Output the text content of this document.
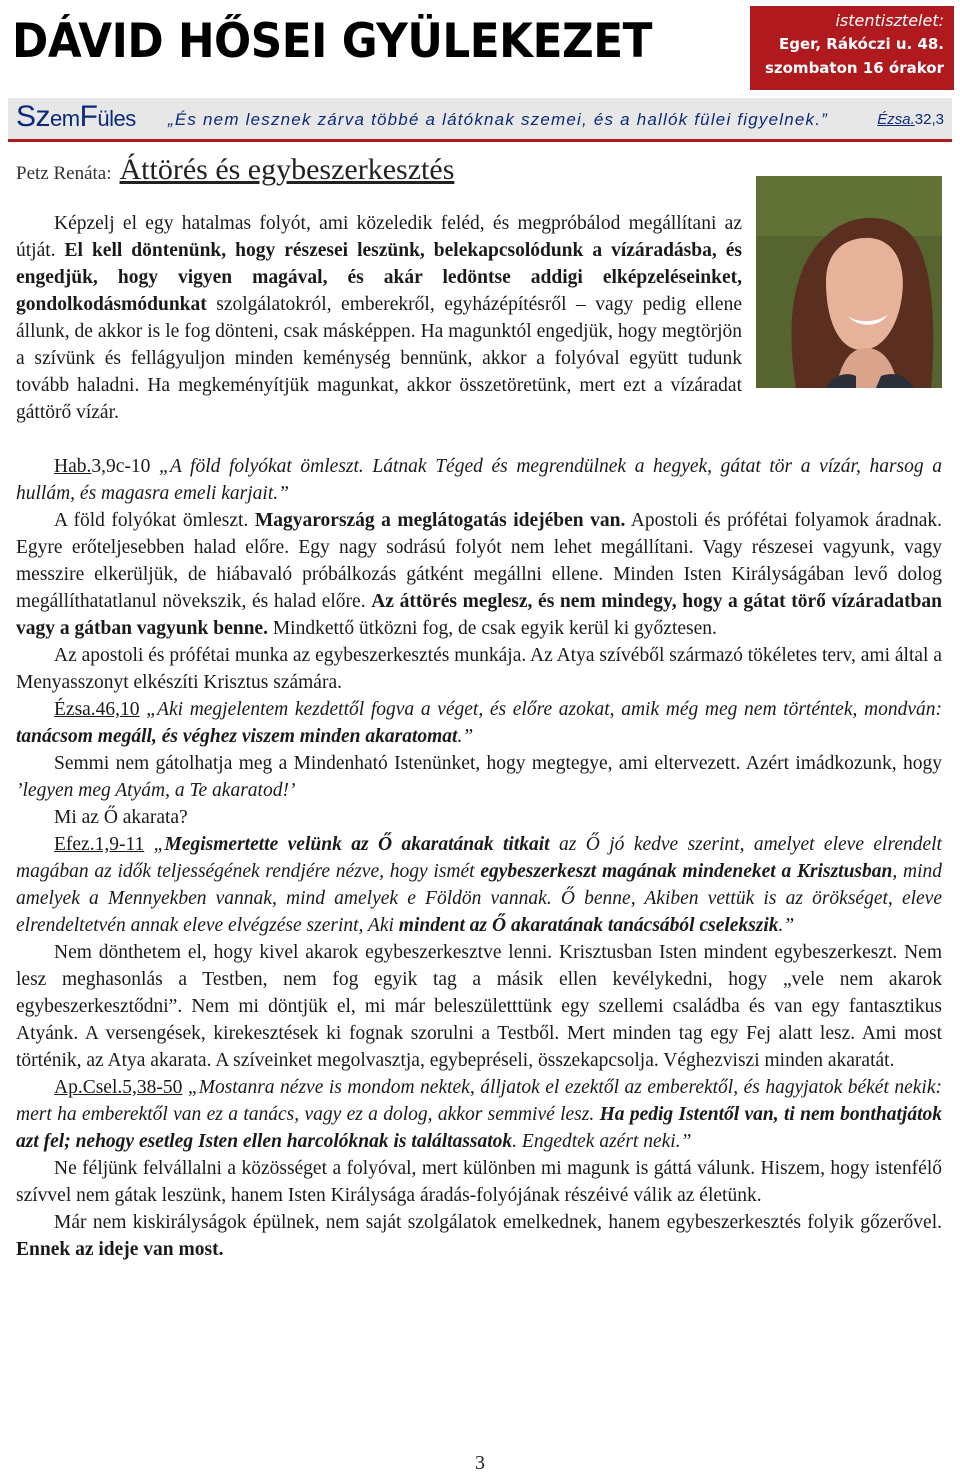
DÁVID HŐSEI GYÜLEKEZET	istentisztelet:
Eger, Rákóczi u. 48.
szombaton 16 órakor
SzemFüles „És nem lesznek zárva többé a látóknak szemei, és a hallók fülei figyelnek.”	Ézsa.32,3
Petz Renáta: Áttörés és egybeszerkesztés

Képzelj el egy hatalmas folyót, ami közeledik feléd, és megpróbálod megállítani az útját. El kell döntenünk, hogy részesei leszünk, belekapcsolódunk a vízáradásba, és engedjük, hogy vigyen magával, és akár ledöntse addigi elképzeléseinket, gondolkodásmódunkat szolgálatokról, emberekről, egyházépítésről – vagy pedig ellene állunk, de akkor is le fog dönteni, csak másképpen. Ha magunktól engedjük, hogy megtörjön a szívünk és fellágyuljon minden keménység bennünk, akkor a folyóval együtt tudunk tovább haladni. Ha megkeményítjük magunkat, akkor összetöretünk, mert ezt a vízáradat gáttörő vízár.

Hab.3,9c-10 „A föld folyókat ömleszt. Látnak Téged és megrendülnek a hegyek, gátat tör a vízár, harsog a hullám, és magasra emeli karjait.”

A föld folyókat ömleszt. Magyarország a meglátogatás idejében van. Apostoli és prófétai folyamok áradnak. Egyre erőteljesebben halad előre. Egy nagy sodrású folyót nem lehet megállítani. Vagy részesei vagyunk, vagy messzire elkerüljük, de hiábavaló próbálkozás gátként megállni ellene. Minden Isten Királyságában levő dolog megállíthatatlanul növekszik, és halad előre. Az áttörés meglesz, és nem mindegy, hogy a gátat törő vízáradatban vagy a gátban vagyunk benne. Mindkettő ütközni fog, de csak egyik kerül ki győztesen.

Az apostoli és prófétai munka az egybeszerkesztés munkája. Az Atya szívéből származó tökéletes terv, ami által a Menyasszonyt elkészíti Krisztus számára.

Ézsa.46,10 „Aki megjelentem kezdettől fogva a véget, és előre azokat, amik még meg nem történtek, mondván: tanácsom megáll, és véghez viszem minden akaratomat.”

Semmi nem gátolhatja meg a Mindenható Istenünket, hogy megtegye, ami eltervezett. Azért imádkozunk, hogy ’legyen meg Atyám, a Te akaratod!’

Mi az Ő akarata?

Efez.1,9-11 „Megismertette velünk az Ő akaratának titkait az Ő jó kedve szerint, amelyet eleve elrendelt magában az idők teljességének rendjére nézve, hogy ismét egybeszerkeszt magának mindeneket a Krisztusban, mind amelyek a Mennyekben vannak, mind amelyek e Földön vannak. Ő benne, Akiben vettük is az örökséget, eleve elrendeltetvén annak eleve elvégzése szerint, Aki mindent az Ő akaratának tanácsából cselekszik.”

Nem dönthetem el, hogy kivel akarok egybeszerkesztve lenni. Krisztusban Isten mindent egybeszerkeszt. Nem lesz meghasonlás a Testben, nem fog egyik tag a másik ellen kevélykedni, hogy „vele nem akarok egybeszerkesztődni”. Nem mi döntjük el, mi már beleszületttünk egy szellemi családba és van egy fantasztikus Atyánk. A versengések, kirekesztések ki fognak szorulni a Testből. Mert minden tag egy Fej alatt lesz. Ami most történik, az Atya akarata. A szíveinket megolvasztja, egybepréseli, összekapcsolja. Véghezviszi minden akaratát.

Ap.Csel.5,38-50 „Mostanra nézve is mondom nektek, álljatok el ezektől az emberektől, és hagyjatok békét nekik: mert ha emberektől van ez a tanács, vagy ez a dolog, akkor semmivé lesz. Ha pedig Istentől van, ti nem bonthatjátok azt fel; nehogy esetleg Isten ellen harcolóknak is találtassatok. Engedtek azért neki.”

Ne féljünk felvállalni a közösséget a folyóval, mert különben mi magunk is gáttá válunk. Hiszem, hogy istenfélő szívvel nem gátak leszünk, hanem Isten Királysága áradás-folyójának részéivé válik az életünk.

Már nem kiskirályságok épülnek, nem saját szolgálatok emelkednek, hanem egybeszerkesztés folyik gőzerővel. Ennek az ideje van most.

3
